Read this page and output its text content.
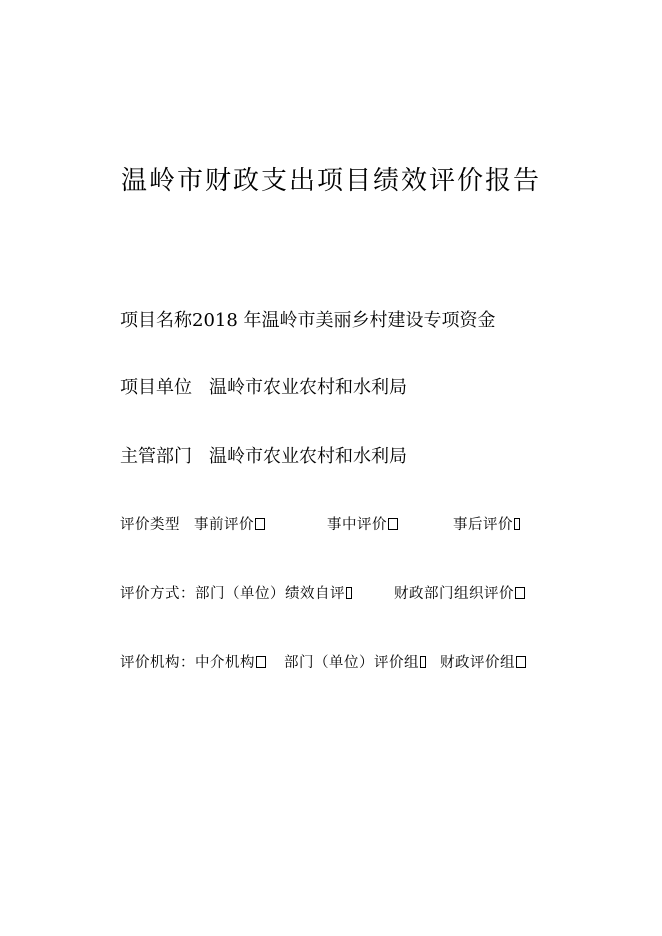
温岭市财政支出项目绩效评价报告
项目名称2018 年温岭市美丽乡村建设专项资金
项目单位 温岭市农业农村和水利局
主管部门 温岭市农业农村和水利局
评价类型 事前评价	事中评价	事后评价
评价方式：部门（单位）绩效自评	财政部门组织评价
评价机构：中介机构 部门（单位）评价组 财政评价组
